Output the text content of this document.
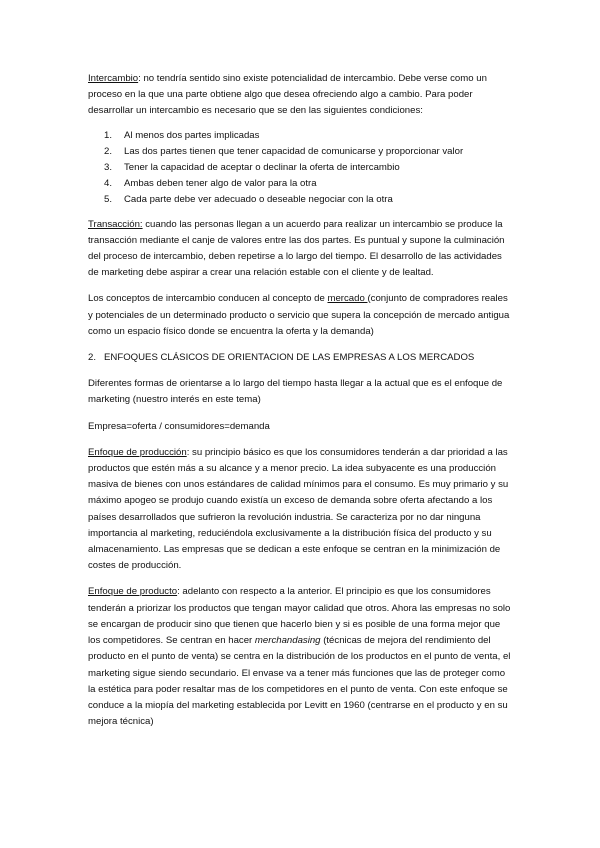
Intercambio: no tendría sentido sino existe potencialidad de intercambio. Debe verse como un proceso en la que una parte obtiene algo que desea ofreciendo algo a cambio. Para poder desarrollar un intercambio es necesario que se den las siguientes condiciones:

1. Al menos dos partes implicadas
2. Las dos partes tienen que tener capacidad de comunicarse y proporcionar valor
3. Tener la capacidad de aceptar o declinar la oferta de intercambio
4. Ambas deben tener algo de valor para la otra
5. Cada parte debe ver adecuado o deseable negociar con la otra

Transacción: cuando las personas llegan a un acuerdo para realizar un intercambio se produce la transacción mediante el canje de valores entre las dos partes. Es puntual y supone la culminación del proceso de intercambio, deben repetirse a lo largo del tiempo. El desarrollo de las actividades de marketing debe aspirar a crear una relación estable con el cliente y de lealtad.

Los conceptos de intercambio conducen al concepto de mercado (conjunto de compradores reales y potenciales de un determinado producto o servicio que supera la concepción de mercado antigua como un espacio físico donde se encuentra la oferta y la demanda)

2. ENFOQUES CLÁSICOS DE ORIENTACION DE LAS EMPRESAS A LOS MERCADOS

Diferentes formas de orientarse a lo largo del tiempo hasta llegar a la actual que es el enfoque de marketing (nuestro interés en este tema)

Empresa=oferta / consumidores=demanda

Enfoque de producción: su principio básico es que los consumidores tenderán a dar prioridad a las productos que estén más a su alcance y a menor precio. La idea subyacente es una producción masiva de bienes con unos estándares de calidad mínimos para el consumo. Es muy primario y su máximo apogeo se produjo cuando existía un exceso de demanda sobre oferta afectando a los países desarrollados que sufrieron la revolución industria. Se caracteriza por no dar ninguna importancia al marketing, reduciéndola exclusivamente a la distribución física del producto y su almacenamiento. Las empresas que se dedican a este enfoque se centran en la minimización de costes de producción.

Enfoque de producto: adelanto con respecto a la anterior. El principio es que los consumidores tenderán a priorizar los productos que tengan mayor calidad que otros. Ahora las empresas no solo se encargan de producir sino que tienen que hacerlo bien y si es posible de una forma mejor que los competidores. Se centran en hacer merchandasing (técnicas de mejora del rendimiento del producto en el punto de venta) se centra en la distribución de los productos en el punto de venta, el marketing sigue siendo secundario. El envase va a tener más funciones que las de proteger como la estética para poder resaltar mas de los competidores en el punto de venta. Con este enfoque se conduce a la miopía del marketing establecida por Levitt en 1960 (centrarse en el producto y en su mejora técnica)
